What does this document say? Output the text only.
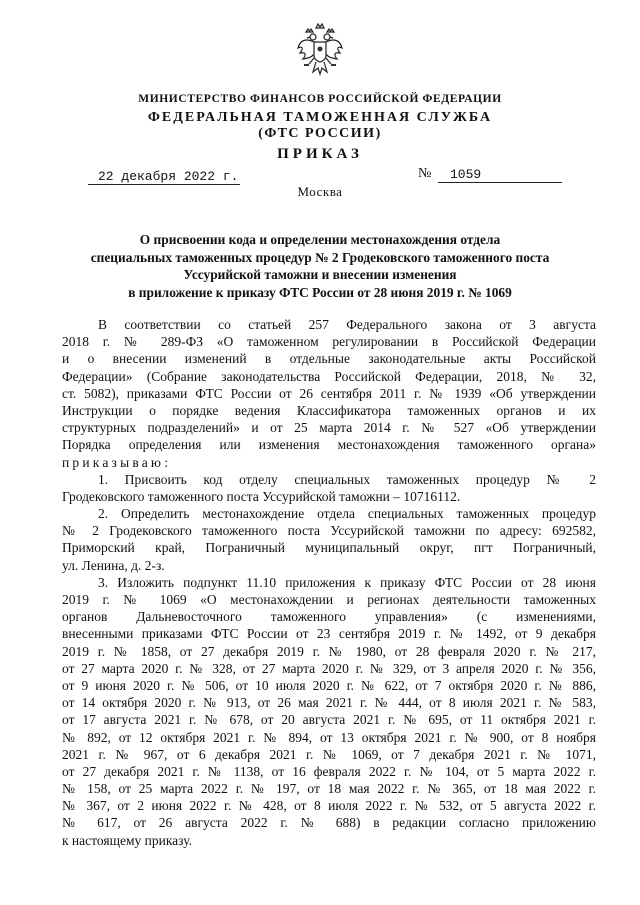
МИНИСТЕРСТВО ФИНАНСОВ РОССИЙСКОЙ ФЕДЕРАЦИИ
ФЕДЕРАЛЬНАЯ ТАМОЖЕННАЯ СЛУЖБА
(ФТС РОССИИ)
ПРИКАЗ
22 декабря 2022 г.	№	1059
Москва
О присвоении кода и определении местонахождения отдела
специальных таможенных процедур № 2 Гродековского таможенного поста
Уссурийской таможни и внесении изменения
в приложение к приказу ФТС России от 28 июня 2019 г. № 1069
В соответствии со статьей 257 Федерального закона от 3 августа
2018 г. № 289-ФЗ «О таможенном регулировании в Российской Федерации
и о внесении изменений в отдельные законодательные акты Российской
Федерации» (Собрание законодательства Российской Федерации, 2018, № 32,
ст. 5082), приказами ФТС России от 26 сентября 2011 г. № 1939 «Об утверждении
Инструкции о порядке ведения Классификатора таможенных органов и их
структурных подразделений» и от 25 марта 2014 г. № 527 «Об утверждении
Порядка определения или изменения местонахождения таможенного органа»
приказываю:
1. Присвоить код отделу специальных таможенных процедур № 2
Гродековского таможенного поста Уссурийской таможни – 10716112.
2. Определить местонахождение отдела специальных таможенных процедур
№ 2 Гродековского таможенного поста Уссурийской таможни по адресу: 692582,
Приморский край, Пограничный муниципальный округ, пгт Пограничный,
ул. Ленина, д. 2-з.
3. Изложить подпункт 11.10 приложения к приказу ФТС России от 28 июня
2019 г. № 1069 «О местонахождении и регионах деятельности таможенных
органов Дальневосточного таможенного управления» (с изменениями,
внесенными приказами ФТС России от 23 сентября 2019 г. № 1492, от 9 декабря
2019 г. № 1858, от 27 декабря 2019 г. № 1980, от 28 февраля 2020 г. № 217,
от 27 марта 2020 г. № 328, от 27 марта 2020 г. № 329, от 3 апреля 2020 г. № 356,
от 9 июня 2020 г. № 506, от 10 июля 2020 г. № 622, от 7 октября 2020 г. № 886,
от 14 октября 2020 г. № 913, от 26 мая 2021 г. № 444, от 8 июля 2021 г. № 583,
от 17 августа 2021 г. № 678, от 20 августа 2021 г. № 695, от 11 октября 2021 г.
№ 892, от 12 октября 2021 г. № 894, от 13 октября 2021 г. № 900, от 8 ноября
2021 г. № 967, от 6 декабря 2021 г. № 1069, от 7 декабря 2021 г. № 1071,
от 27 декабря 2021 г. № 1138, от 16 февраля 2022 г. № 104, от 5 марта 2022 г.
№ 158, от 25 марта 2022 г. № 197, от 18 мая 2022 г. № 365, от 18 мая 2022 г.
№ 367, от 2 июня 2022 г. № 428, от 8 июля 2022 г. № 532, от 5 августа 2022 г.
№ 617, от 26 августа 2022 г. № 688) в редакции согласно приложению
к настоящему приказу.
